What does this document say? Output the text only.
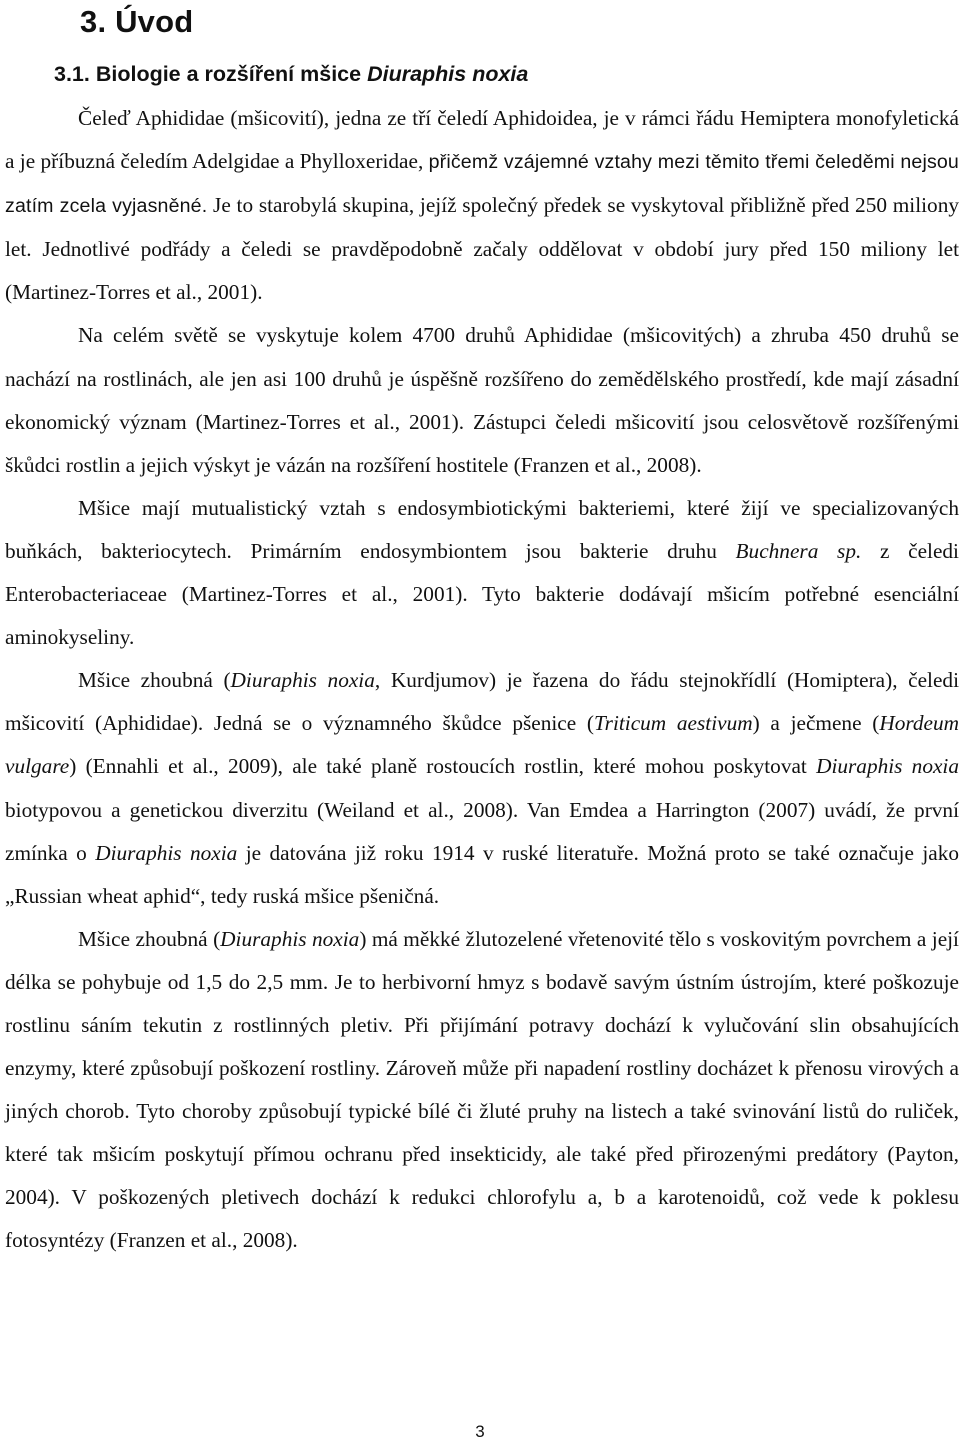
3. Úvod
3.1. Biologie a rozšíření mšice Diuraphis noxia

Čeleď Aphididae (mšicovití), jedna ze tří čeledí Aphidoidea, je v rámci řádu Hemiptera monofyletická a je příbuzná čeledím Adelgidae a Phylloxeridae, přičemž vzájemné vztahy mezi těmito třemi čeleděmi nejsou zatím zcela vyjasněné. Je to starobylá skupina, jejíž společný předek se vyskytoval přibližně před 250 miliony let. Jednotlivé podřády a čeledi se pravděpodobně začaly oddělovat v období jury před 150 miliony let (Martinez-Torres et al., 2001).

Na celém světě se vyskytuje kolem 4700 druhů Aphididae (mšicovitých) a zhruba 450 druhů se nachází na rostlinách, ale jen asi 100 druhů je úspěšně rozšířeno do zemědělského prostředí, kde mají zásadní ekonomický význam (Martinez-Torres et al., 2001). Zástupci čeledi mšicovití jsou celosvětově rozšířenými škůdci rostlin a jejich výskyt je vázán na rozšíření hostitele (Franzen et al., 2008).

Mšice mají mutualistický vztah s endosymbiotickými bakteriemi, které žijí ve specializovaných buňkách, bakteriocytech. Primárním endosymbiontem jsou bakterie druhu Buchnera sp. z čeledi Enterobacteriaceae (Martinez-Torres et al., 2001). Tyto bakterie dodávají mšicím potřebné esenciální aminokyseliny.

Mšice zhoubná (Diuraphis noxia, Kurdjumov) je řazena do řádu stejnokřídlí (Homiptera), čeledi mšicovití (Aphididae). Jedná se o významného škůdce pšenice (Triticum aestivum) a ječmene (Hordeum vulgare) (Ennahli et al., 2009), ale také planě rostoucích rostlin, které mohou poskytovat Diuraphis noxia biotypovou a genetickou diverzitu (Weiland et al., 2008). Van Emdea a Harrington (2007) uvádí, že první zmínka o Diuraphis noxia je datována již roku 1914 v ruské literatuře. Možná proto se také označuje jako „Russian wheat aphid“, tedy ruská mšice pšeničná.

Mšice zhoubná (Diuraphis noxia) má měkké žlutozelené vřetenovité tělo s voskovitým povrchem a její délka se pohybuje od 1,5 do 2,5 mm. Je to herbivorní hmyz s bodavě savým ústním ústrojím, které poškozuje rostlinu sáním tekutin z rostlinných pletiv. Při přijímání potravy dochází k vylučování slin obsahujících enzymy, které způsobují poškození rostliny. Zároveň může při napadení rostliny docházet k přenosu virových a jiných chorob. Tyto choroby způsobují typické bílé či žluté pruhy na listech a také svinování listů do ruliček, které tak mšicím poskytují přímou ochranu před insekticidy, ale také před přirozenými predátory (Payton, 2004). V poškozených pletivech dochází k redukci chlorofylu a, b a karotenoidů, což vede k poklesu fotosyntézy (Franzen et al., 2008).

3
